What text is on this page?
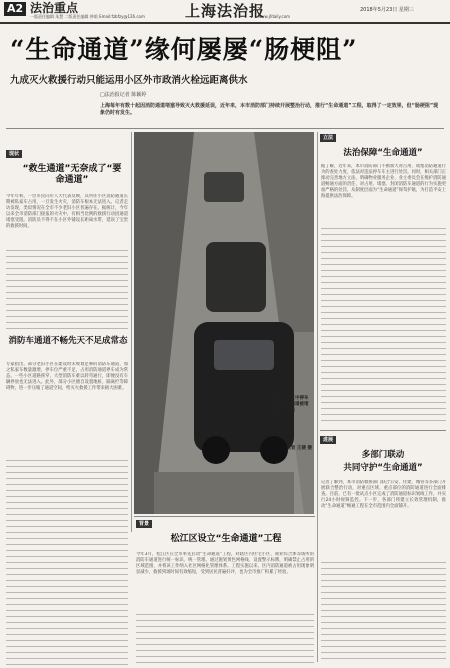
A2 法治重点
一版责任编辑 朱慧 二版责任编辑 钟晗 Email:fzbfzy@126.com	上海法治报
www.jfdaily.com
2018年5月23日 星期三
“生命通道”缘何屡屡“肠梗阻”
九成灭火救援行动只能运用小区外市政消火栓远距离供水
□法治报记者 陈颖婷
上海每年有数十起因消防通道堵塞导致灭火救援延误，近年来，本市消防部门持续开展整治行动，推行“生命通道”工程，取得了一定效果，但“肠梗阻”现象仍时有发生。
现状
“救生通道”无奈成了“要命通道”
今年年初，一位市民向市人大代表反映，其所住小区消防通道长期被私家车占用，一旦发生火灾，消防车根本无法进入。记者走访发现，类似情况在全市不少老旧小区普遍存在。据统计，今年以来全市消防部门接报的火灾中，有相当比例的救援行动因通道堵塞受阻。消防员不得不在小区外铺设长距离水带，延误了宝贵的救援时间。
消防车通道不畅先天不足成常态
专家指出，部分老旧小区在建设时未规划足够的消防车通道，加之私家车数量激增，停车位严重不足，占用消防通道停车成为常态。一些小区道路狭窄，大型消防车难以转弯通行，即便没有车辆停放也无法进入。此外，部分小区擅自设置地桩、隔离栏等障碍物，进一步压缩了通道空间，给灭火救援工作带来极大困难。
本市老旧小区中停车难导致消防通道被堵现象较为突出
记者 王捷 摄
立法
法治保障“生命通道”
据了解，近年来，本市消防部门不断加大对占用、堵塞消防通道行为的查处力度，依法对违法停车车主进行处罚。同时，相关部门正推动完善地方立法，明确物业服务企业、业主委员会在维护消防通道畅通方面的责任，对占用、堵塞、封闭消防车通道的行为实施更加严格的处罚，从制度层面为“生命通道”保驾护航，为打造平安上海提供法治保障。
进展
多部门联动
共同守护“生命通道”
记者了解到，本市消防救援部门联合公安、住建、城管等多部门开展联合整治行动，对重点区域、重点部位的消防通道进行全面排查。目前，已有一批试点小区完成了消防通道标识划线工作，并实行24小时视频监控。下一步，各部门将建立长效管理机制，推动“生命通道”畅通工程在全市范围内全面铺开。
背景
松江区设立“生命通道”工程
今年3月，松江区在全市率先启动“生命通道”工程，对辖区内住宅小区、商业综合体等场所的消防车通道进行统一标识、统一管理。通过施划黄色网格线、设置警示标牌，明确禁止占用的区域范围，并将该工作纳入社区网格化管理体系。工程实施以来，区内消防通道被占用现象明显减少，救援到场时间有效缩短，受到居民普遍好评，也为全市推广积累了经验。
